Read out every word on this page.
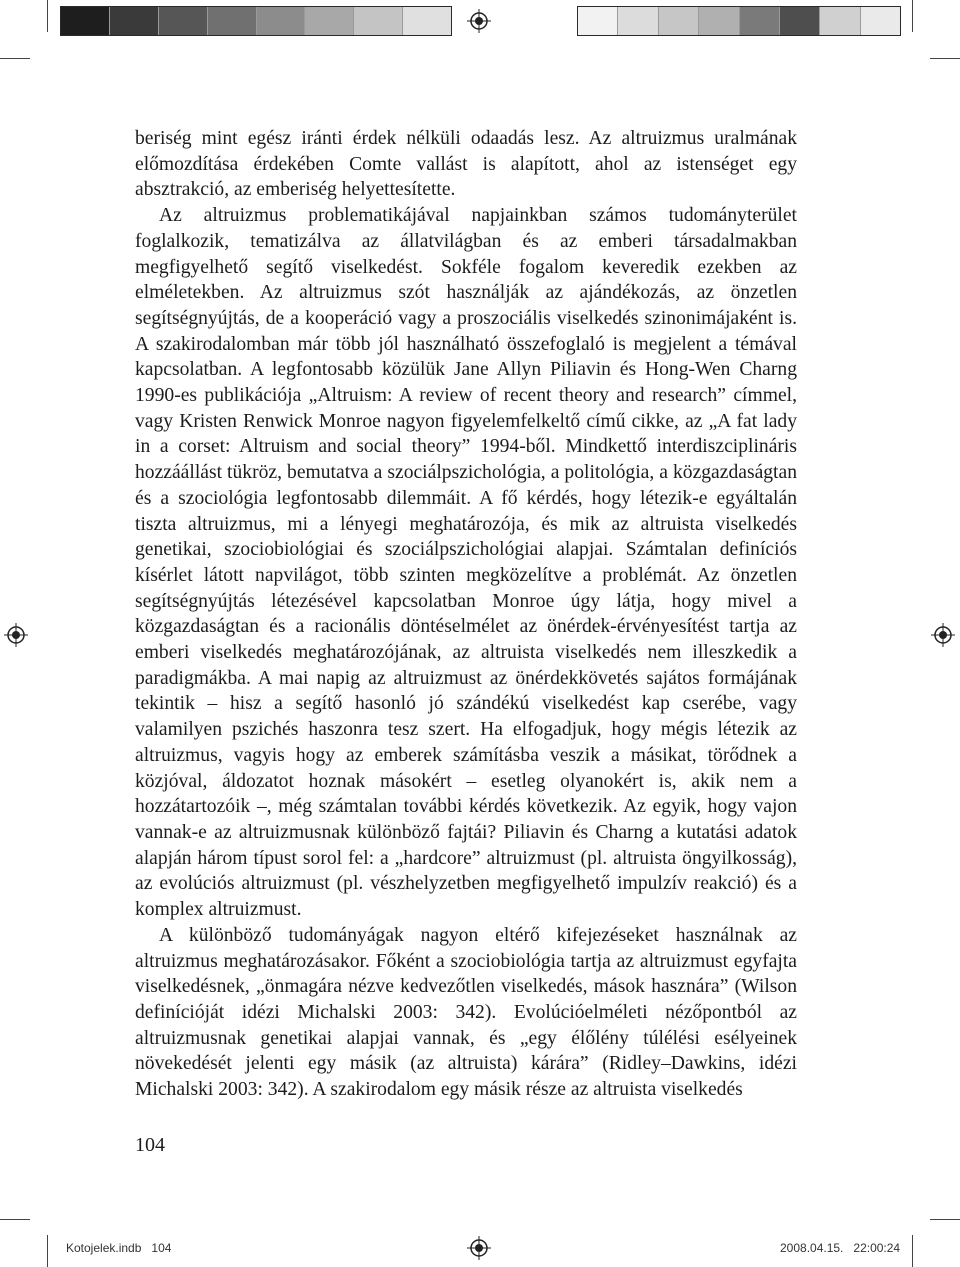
beriség mint egész iránti érdek nélküli odaadás lesz. Az altruizmus uralmának előmozdítása érdekében Comte vallást is alapított, ahol az istenséget egy absztrakció, az emberiség helyettesítette.

Az altruizmus problematikájával napjainkban számos tudományterület foglalkozik, tematizálva az állatvilágban és az emberi társadalmakban megfigyelhető segítő viselkedést. Sokféle fogalom keveredik ezekben az elméletekben. Az altruizmus szót használják az ajándékozás, az önzetlen segítségnyújtás, de a kooperáció vagy a proszociális viselkedés szinonimájaként is. A szakirodalomban már több jól használható összefoglaló is megjelent a témával kapcsolatban. A legfontosabb közülük Jane Allyn Piliavin és Hong-Wen Charng 1990-es publikációja „Altruism: A review of recent theory and research” címmel, vagy Kristen Renwick Monroe nagyon figyelemfelkeltő című cikke, az „A fat lady in a corset: Altruism and social theory” 1994-ből. Mindkettő interdiszciplináris hozzáállást tükröz, bemutatva a szociálpszichológia, a politológia, a közgazdaságtan és a szociológia legfontosabb dilemmáit. A fő kérdés, hogy létezik-e egyáltalán tiszta altruizmus, mi a lényegi meghatározója, és mik az altruista viselkedés genetikai, szociobiológiai és szociálpszichológiai alapjai. Számtalan definíciós kísérlet látott napvilágot, több szinten megközelítve a problémát. Az önzetlen segítségnyújtás létezésével kapcsolatban Monroe úgy látja, hogy mivel a közgazdaságtan és a racionális döntéselmélet az önérdek-érvényesítést tartja az emberi viselkedés meghatározójának, az altruista viselkedés nem illeszkedik a paradigmákba. A mai napig az altruizmust az önérdekkövetés sajátos formájának tekintik – hisz a segítő hasonló jó szándékú viselkedést kap cserébe, vagy valamilyen pszichés haszonra tesz szert. Ha elfogadjuk, hogy mégis létezik az altruizmus, vagyis hogy az emberek számításba veszik a másikat, törődnek a közjóval, áldozatot hoznak másokért – esetleg olyanokért is, akik nem a hozzátartozóik –, még számtalan további kérdés következik. Az egyik, hogy vajon vannak-e az altruizmusnak különböző fajtái? Piliavin és Charng a kutatási adatok alapján három típust sorol fel: a „hardcore” altruizmust (pl. altruista öngyilkosság), az evolúciós altruizmust (pl. vészhelyzetben megfigyelhető impulzív reakció) és a komplex altruizmust.

A különböző tudományágak nagyon eltérő kifejezéseket használnak az altruizmus meghatározásakor. Főként a szociobiológia tartja az altruizmust egyfajta viselkedésnek, „önmagára nézve kedvezőtlen viselkedés, mások hasznára” (Wilson definícióját idézi Michalski 2003: 342). Evolúcióelméleti nézőpontból az altruizmusnak genetikai alapjai vannak, és „egy élőlény túlélési esélyeinek növekedését jelenti egy másik (az altruista) kárára” (Ridley–Dawkins, idézi Michalski 2003: 342). A szakirodalom egy másik része az altruista viselkedés

104
Kotojelek.indb   104	2008.04.15.   22:00:24
